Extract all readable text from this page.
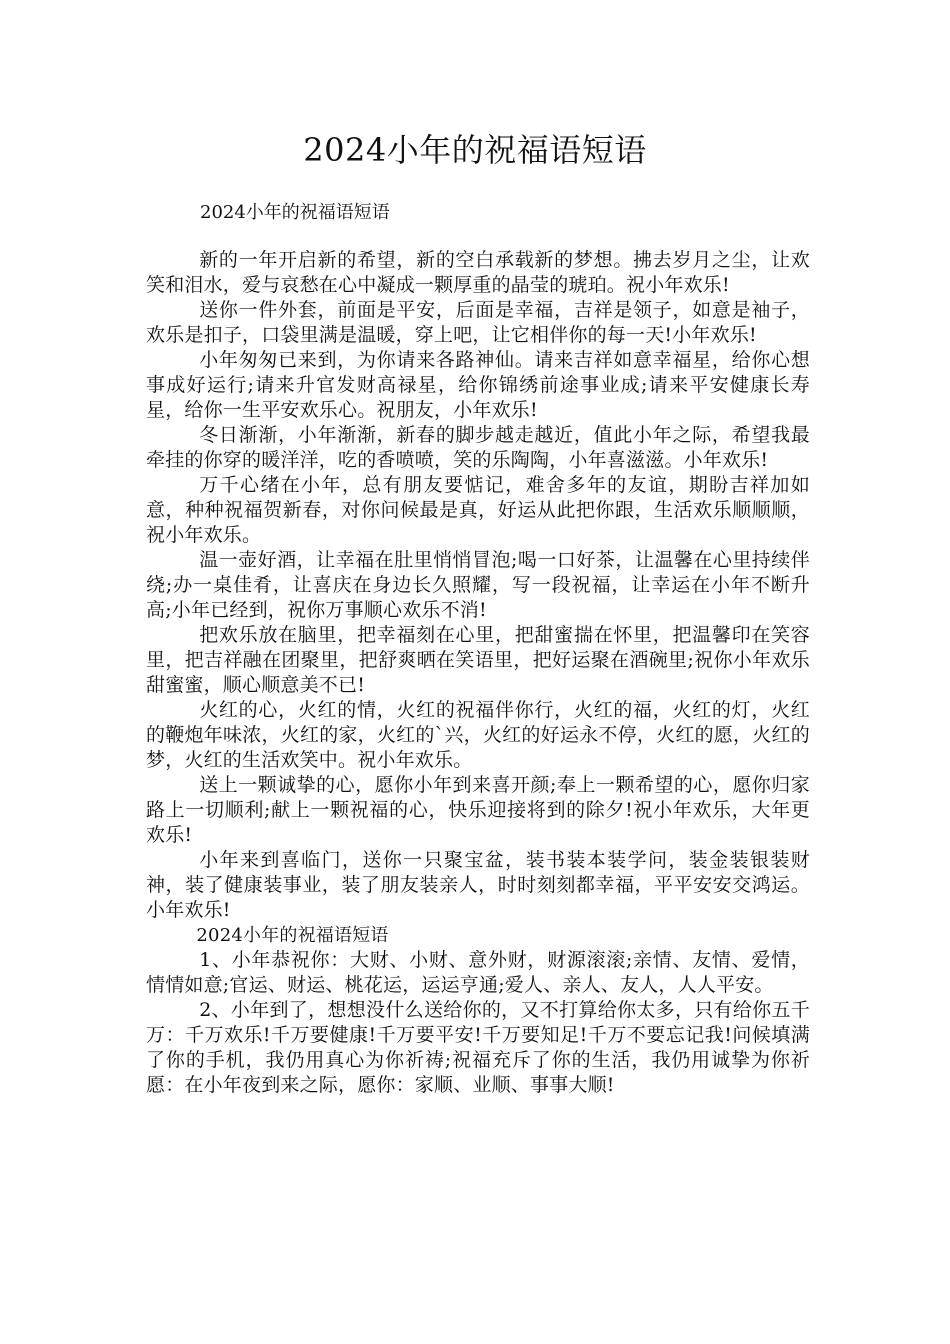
2024小年的祝福语短语

2024小年的祝福语短语

新的一年开启新的希望，新的空白承载新的梦想。拂去岁月之尘，让欢笑和泪水，爱与哀愁在心中凝成一颗厚重的晶莹的琥珀。祝小年欢乐!

送你一件外套，前面是平安，后面是幸福，吉祥是领子，如意是袖子，欢乐是扣子，口袋里满是温暖，穿上吧，让它相伴你的每一天!小年欢乐!

小年匆匆已来到，为你请来各路神仙。请来吉祥如意幸福星，给你心想事成好运行;请来升官发财高禄星，给你锦绣前途事业成;请来平安健康长寿星，给你一生平安欢乐心。祝朋友，小年欢乐!

冬日渐渐，小年渐渐，新春的脚步越走越近，值此小年之际，希望我最牵挂的你穿的暖洋洋，吃的香喷喷，笑的乐陶陶，小年喜滋滋。小年欢乐!

万千心绪在小年，总有朋友要惦记，难舍多年的友谊，期盼吉祥加如意，种种祝福贺新春，对你问候最是真，好运从此把你跟，生活欢乐顺顺顺，祝小年欢乐。

温一壶好酒，让幸福在肚里悄悄冒泡;喝一口好茶，让温馨在心里持续伴绕;办一桌佳肴，让喜庆在身边长久照耀，写一段祝福，让幸运在小年不断升高;小年已经到，祝你万事顺心欢乐不消!

把欢乐放在脑里，把幸福刻在心里，把甜蜜揣在怀里，把温馨印在笑容里，把吉祥融在团聚里，把舒爽晒在笑语里，把好运聚在酒碗里;祝你小年欢乐甜蜜蜜，顺心顺意美不已!

火红的心，火红的情，火红的祝福伴你行，火红的福，火红的灯，火红的鞭炮年味浓，火红的家，火红的`兴，火红的好运永不停，火红的愿，火红的梦，火红的生活欢笑中。祝小年欢乐。

送上一颗诚挚的心，愿你小年到来喜开颜;奉上一颗希望的心，愿你归家路上一切顺利;献上一颗祝福的心，快乐迎接将到的除夕!祝小年欢乐，大年更欢乐!

小年来到喜临门，送你一只聚宝盆，装书装本装学问，装金装银装财神，装了健康装事业，装了朋友装亲人，时时刻刻都幸福，平平安安交鸿运。小年欢乐!

2024小年的祝福语短语

1、小年恭祝你：大财、小财、意外财，财源滚滚;亲情、友情、爱情，情情如意;官运、财运、桃花运，运运亨通;爱人、亲人、友人，人人平安。

2、小年到了，想想没什么送给你的，又不打算给你太多，只有给你五千万：千万欢乐!千万要健康!千万要平安!千万要知足!千万不要忘记我!问候填满了你的手机，我仍用真心为你祈祷;祝福充斥了你的生活，我仍用诚挚为你祈愿：在小年夜到来之际，愿你：家顺、业顺、事事大顺!
